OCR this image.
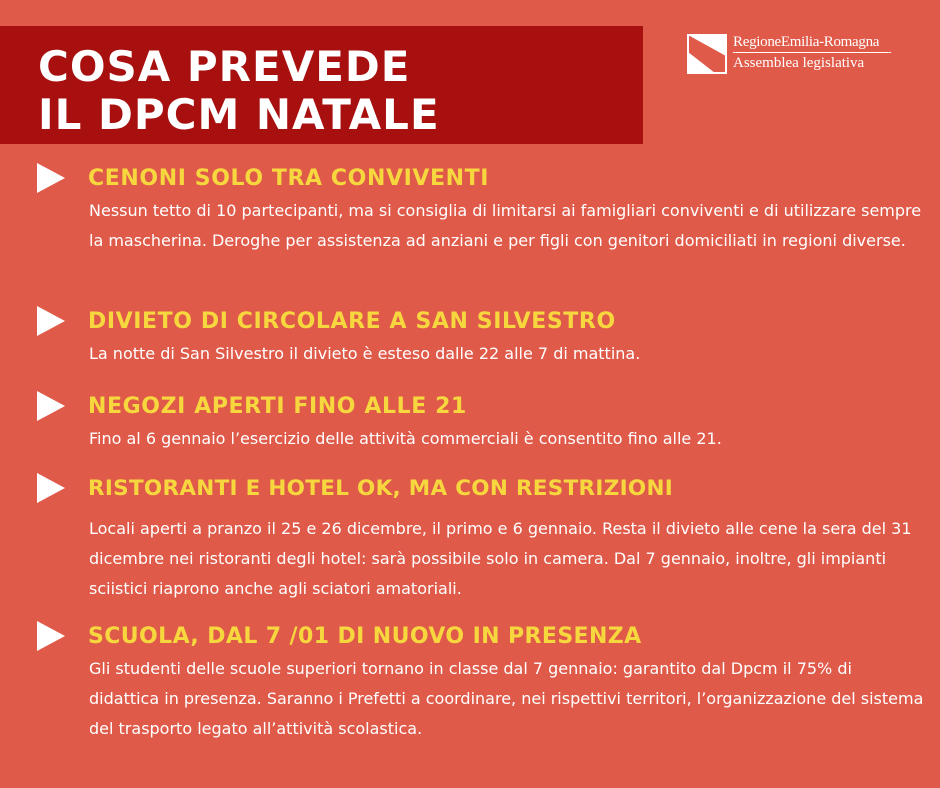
COSA PREVEDE
IL DPCM NATALE
RegioneEmilia-Romagna
Assemblea legislativa
CENONI SOLO TRA CONVIVENTI

Nessun tetto di 10 partecipanti, ma si consiglia di limitarsi ai famigliari conviventi e di utilizzare sempre la mascherina. Deroghe per assistenza ad anziani e per figli con genitori domiciliati in regioni diverse.

DIVIETO DI CIRCOLARE A SAN SILVESTRO

La notte di San Silvestro il divieto è esteso dalle 22 alle 7 di mattina.

NEGOZI APERTI FINO ALLE 21

Fino al 6 gennaio l’esercizio delle attività commerciali è consentito fino alle 21.

RISTORANTI E HOTEL OK, MA CON RESTRIZIONI

Locali aperti a pranzo il 25 e 26 dicembre, il primo e 6 gennaio. Resta il divieto alle cene la sera del 31 dicembre nei ristoranti degli hotel: sarà possibile solo in camera. Dal 7 gennaio, inoltre, gli impianti sciistici riaprono anche agli sciatori amatoriali.

SCUOLA, DAL 7 /01 DI NUOVO IN PRESENZA

Gli studenti delle scuole superiori tornano in classe dal 7 gennaio: garantito dal Dpcm il 75% di didattica in presenza. Saranno i Prefetti a coordinare, nei rispettivi territori, l’organizzazione del sistema del trasporto legato all’attività scolastica.
